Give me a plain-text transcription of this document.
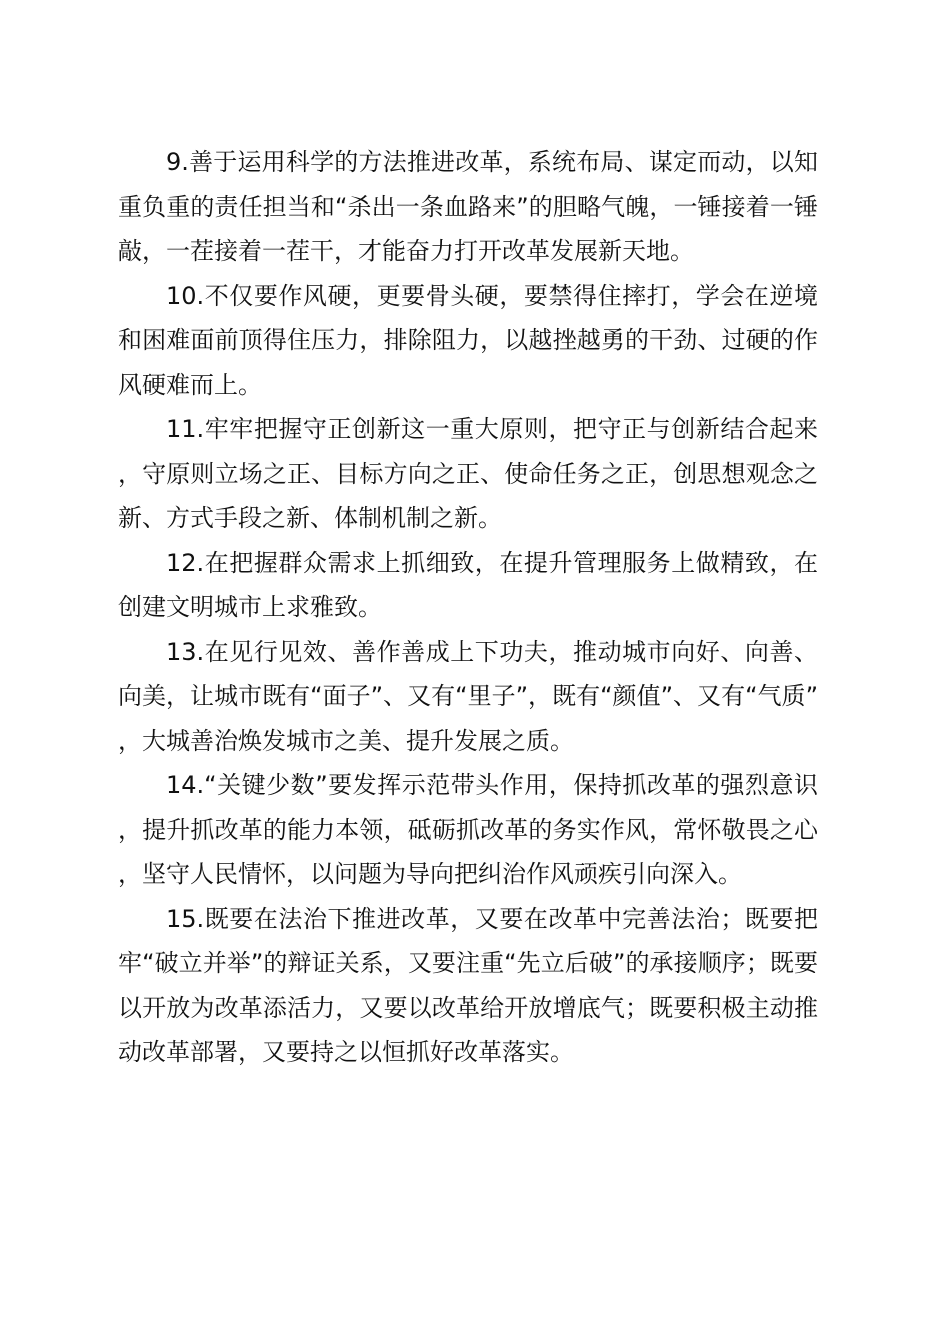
9.善于运用科学的方法推进改革，系统布局、谋定而动，以知重负重的责任担当和“杀出一条血路来”的胆略气魄，一锤接着一锤敲，一茬接着一茬干，才能奋力打开改革发展新天地。

10.不仅要作风硬，更要骨头硬，要禁得住摔打，学会在逆境和困难面前顶得住压力，排除阻力，以越挫越勇的干劲、过硬的作风硬难而上。

11.牢牢把握守正创新这一重大原则，把守正与创新结合起来，守原则立场之正、目标方向之正、使命任务之正，创思想观念之新、方式手段之新、体制机制之新。

12.在把握群众需求上抓细致，在提升管理服务上做精致，在创建文明城市上求雅致。

13.在见行见效、善作善成上下功夫，推动城市向好、向善、向美，让城市既有“面子”、又有“里子”，既有“颜值”、又有“气质”，大城善治焕发城市之美、提升发展之质。

14.“关键少数”要发挥示范带头作用，保持抓改革的强烈意识，提升抓改革的能力本领，砥砺抓改革的务实作风，常怀敬畏之心，坚守人民情怀，以问题为导向把纠治作风顽疾引向深入。

15.既要在法治下推进改革，又要在改革中完善法治；既要把牢“破立并举”的辩证关系，又要注重“先立后破”的承接顺序；既要以开放为改革添活力，又要以改革给开放增底气；既要积极主动推动改革部署，又要持之以恒抓好改革落实。
